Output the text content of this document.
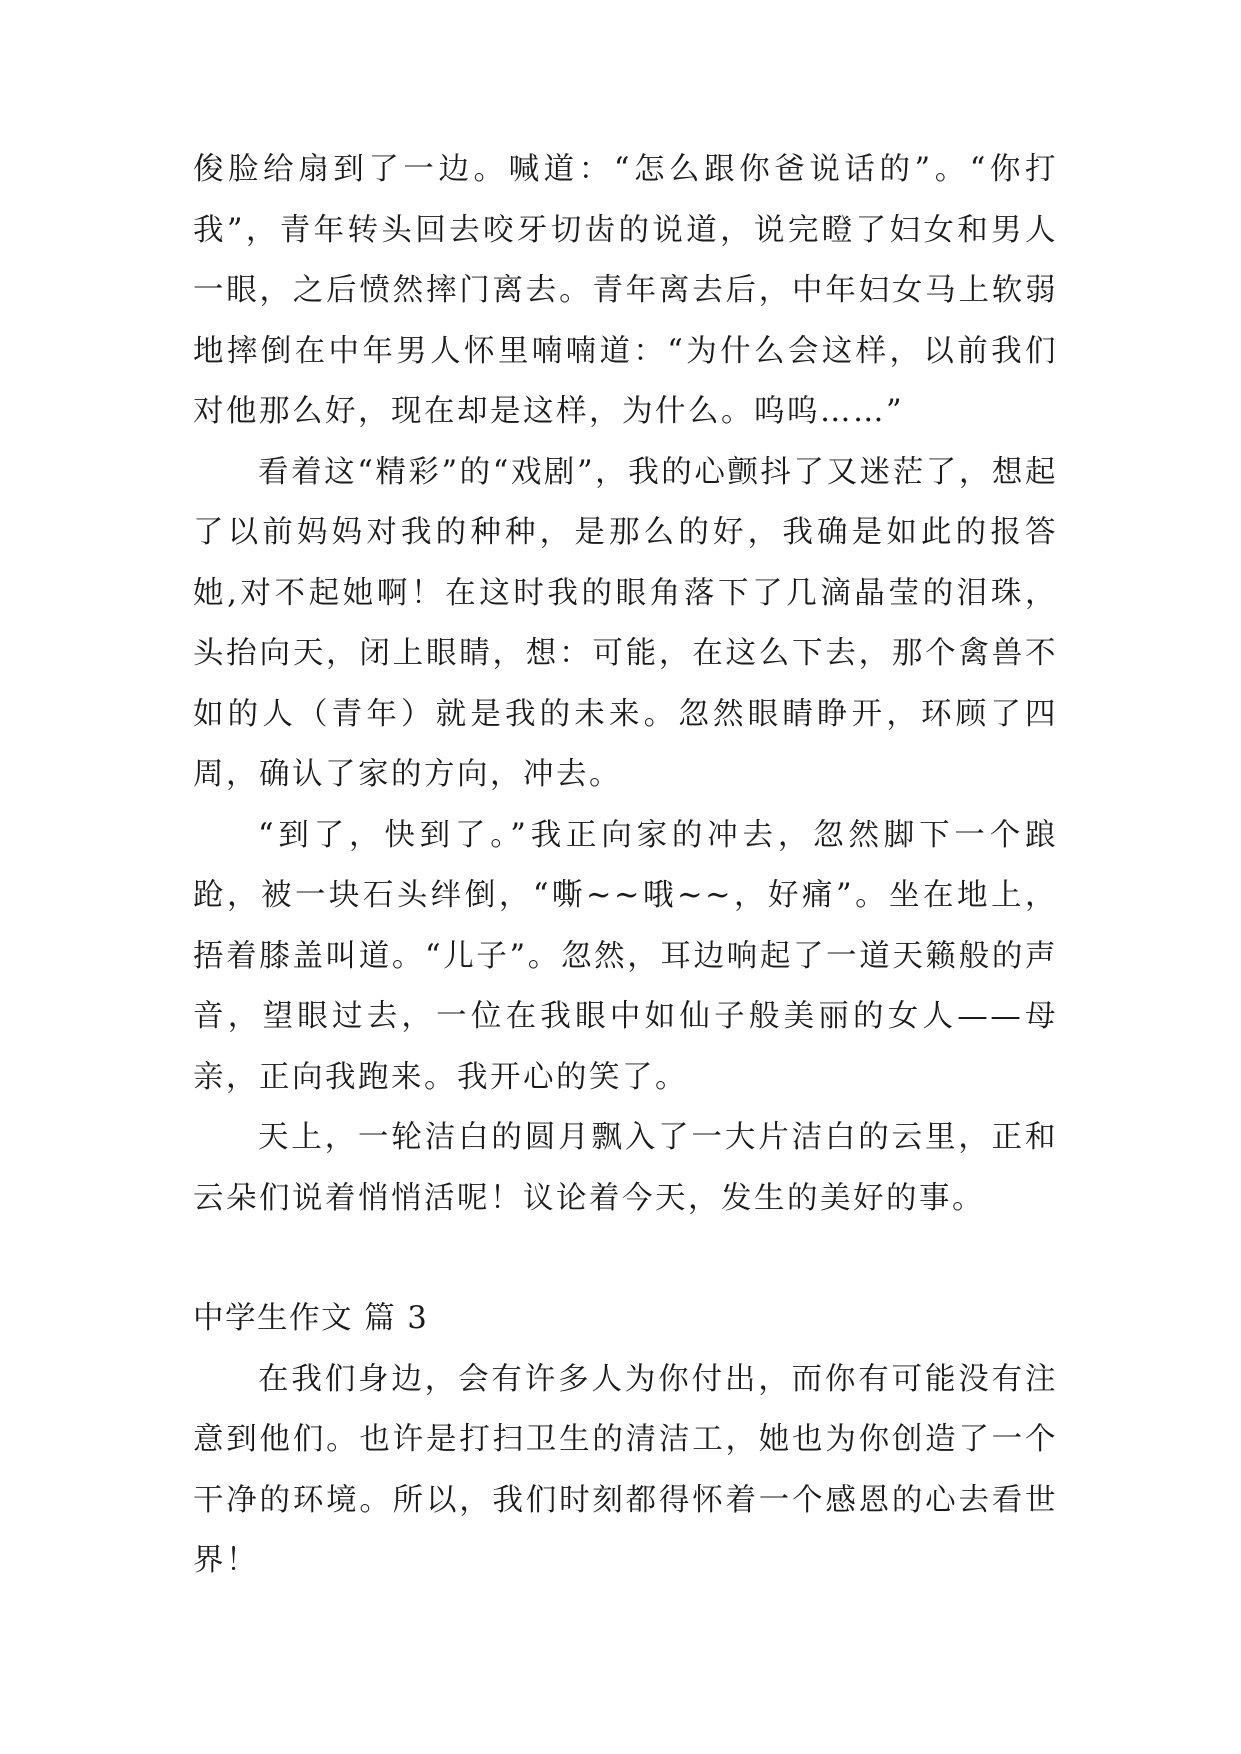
俊脸给扇到了一边。喊道：“怎么跟你爸说话的”。“你打我”，青年转头回去咬牙切齿的说道，说完瞪了妇女和男人一眼，之后愤然摔门离去。青年离去后，中年妇女马上软弱地摔倒在中年男人怀里喃喃道：“为什么会这样，以前我们对他那么好，现在却是这样，为什么。呜呜……”

看着这“精彩”的“戏剧”，我的心颤抖了又迷茫了，想起了以前妈妈对我的种种，是那么的好，我确是如此的报答她,对不起她啊！在这时我的眼角落下了几滴晶莹的泪珠，头抬向天，闭上眼睛，想：可能，在这么下去，那个禽兽不如的人（青年）就是我的未来。忽然眼睛睁开，环顾了四周，确认了家的方向，冲去。

“到了，快到了。”我正向家的冲去，忽然脚下一个踉跄，被一块石头绊倒，“嘶~~哦~~，好痛”。坐在地上，捂着膝盖叫道。“儿子”。忽然，耳边响起了一道天籁般的声音，望眼过去，一位在我眼中如仙子般美丽的女人——母亲，正向我跑来。我开心的笑了。

天上，一轮洁白的圆月飘入了一大片洁白的云里，正和云朵们说着悄悄活呢！议论着今天，发生的美好的事。

中学生作文 篇 3

在我们身边，会有许多人为你付出，而你有可能没有注意到他们。也许是打扫卫生的清洁工，她也为你创造了一个干净的环境。所以，我们时刻都得怀着一个感恩的心去看世界！
